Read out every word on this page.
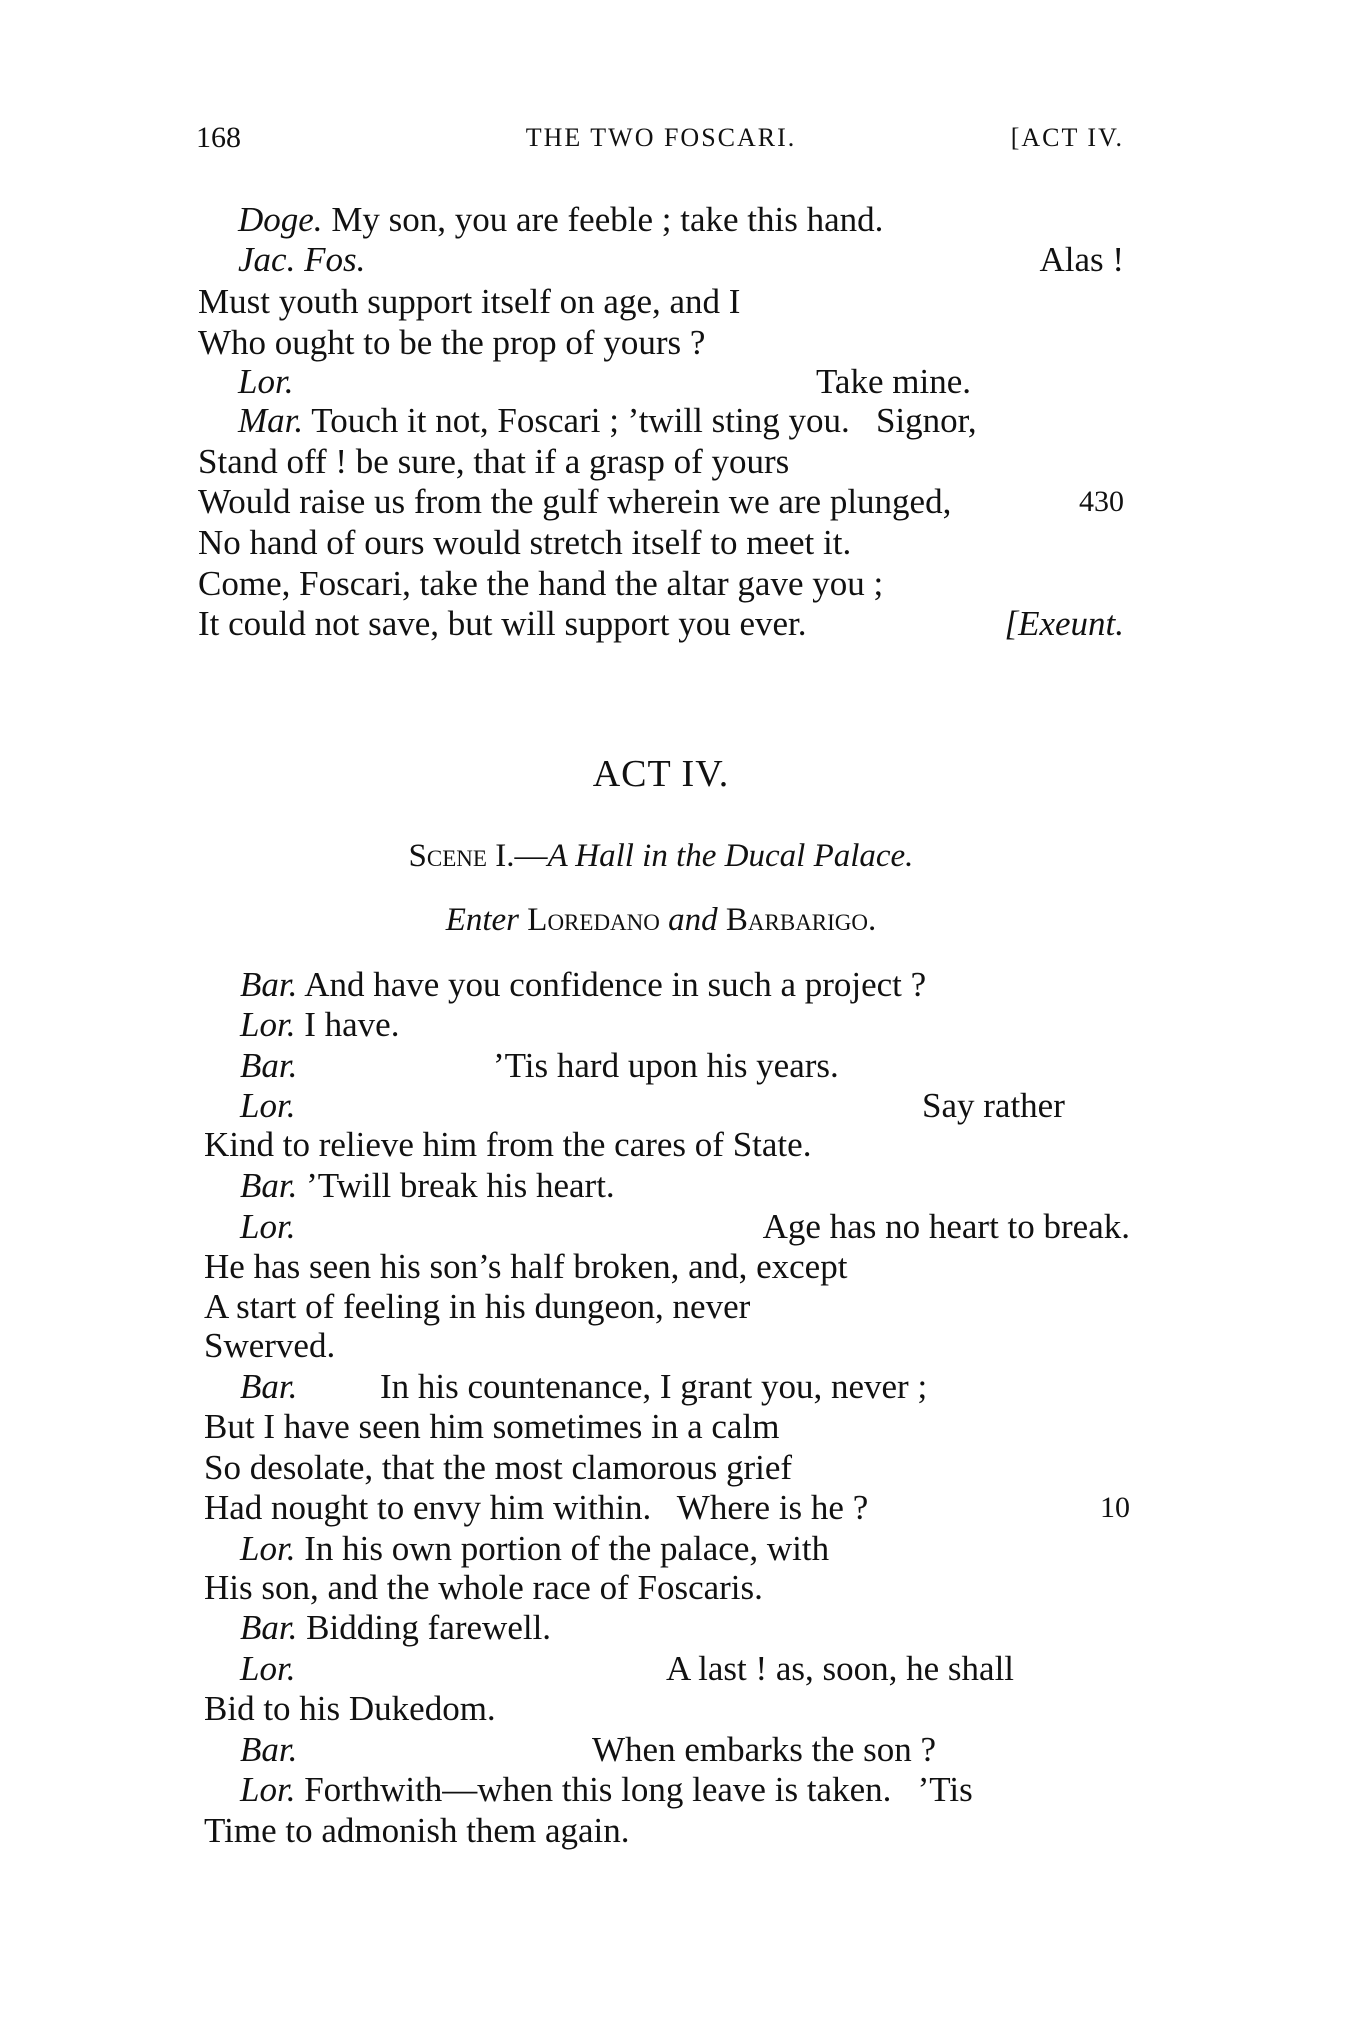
168	THE TWO FOSCARI.	[ACT IV.
Doge. My son, you are feeble ; take this hand.
Jac. Fos.	Alas !
Must youth support itself on age, and I
Who ought to be the prop of yours ?
Lor.	Take mine.
Mar. Touch it not, Foscari ; ’twill sting you.   Signor,
Stand off ! be sure, that if a grasp of yours
Would raise us from the gulf wherein we are plunged,	430
No hand of ours would stretch itself to meet it.
Come, Foscari, take the hand the altar gave you ;
It could not save, but will support you ever.	[Exeunt.
ACT IV.
Scene I.—A Hall in the Ducal Palace.
Enter Loredano and Barbarigo.
Bar. And have you confidence in such a project ?
Lor. I have.
Bar.	’Tis hard upon his years.
Lor.	Say rather
Kind to relieve him from the cares of State.
Bar. ’Twill break his heart.
Lor.	Age has no heart to break.
He has seen his son’s half broken, and, except
A start of feeling in his dungeon, never
Swerved.
Bar. In his countenance, I grant you, never ;
But I have seen him sometimes in a calm
So desolate, that the most clamorous grief
Had nought to envy him within.   Where is he ?	10
Lor. In his own portion of the palace, with
His son, and the whole race of Foscaris.
Bar. Bidding farewell.
Lor.	A last ! as, soon, he shall
Bid to his Dukedom.
Bar.	When embarks the son ?
Lor. Forthwith—when this long leave is taken.   ’Tis
Time to admonish them again.
